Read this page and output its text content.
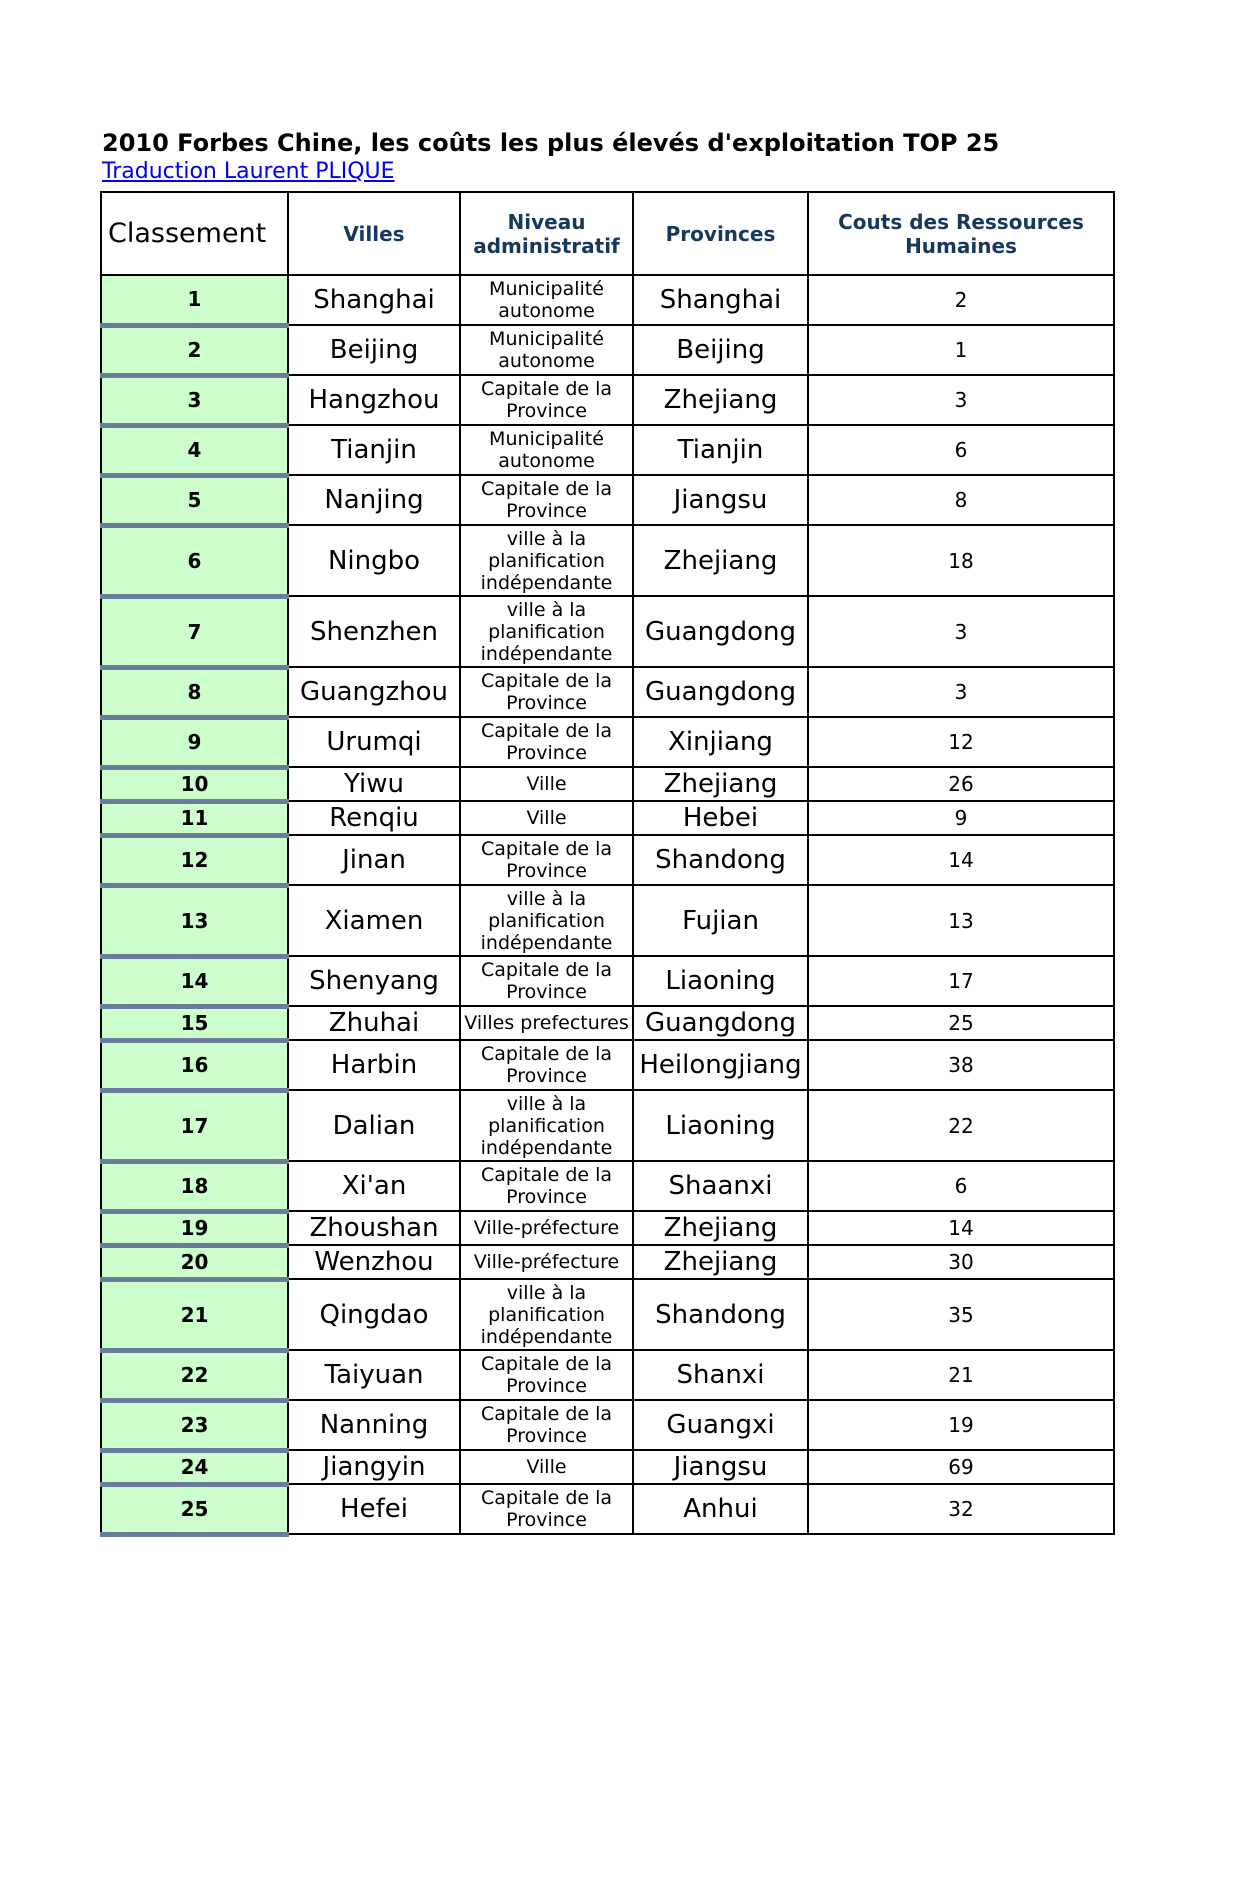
2010 Forbes Chine, les coûts les plus élevés d'exploitation TOP 25
Traduction Laurent PLIQUE
Classement	Villes	Niveau administratif	Provinces	Couts des Ressources Humaines
1	Shanghai	Municipalité autonome	Shanghai	2
2	Beijing	Municipalité autonome	Beijing	1
3	Hangzhou	Capitale de la Province	Zhejiang	3
4	Tianjin	Municipalité autonome	Tianjin	6
5	Nanjing	Capitale de la Province	Jiangsu	8
6	Ningbo	ville à la planification indépendante	Zhejiang	18
7	Shenzhen	ville à la planification indépendante	Guangdong	3
8	Guangzhou	Capitale de la Province	Guangdong	3
9	Urumqi	Capitale de la Province	Xinjiang	12
10	Yiwu	Ville	Zhejiang	26
11	Renqiu	Ville	Hebei	9
12	Jinan	Capitale de la Province	Shandong	14
13	Xiamen	ville à la planification indépendante	Fujian	13
14	Shenyang	Capitale de la Province	Liaoning	17
15	Zhuhai	Villes prefectures	Guangdong	25
16	Harbin	Capitale de la Province	Heilongjiang	38
17	Dalian	ville à la planification indépendante	Liaoning	22
18	Xi'an	Capitale de la Province	Shaanxi	6
19	Zhoushan	Ville-préfecture	Zhejiang	14
20	Wenzhou	Ville-préfecture	Zhejiang	30
21	Qingdao	ville à la planification indépendante	Shandong	35
22	Taiyuan	Capitale de la Province	Shanxi	21
23	Nanning	Capitale de la Province	Guangxi	19
24	Jiangyin	Ville	Jiangsu	69
25	Hefei	Capitale de la Province	Anhui	32
